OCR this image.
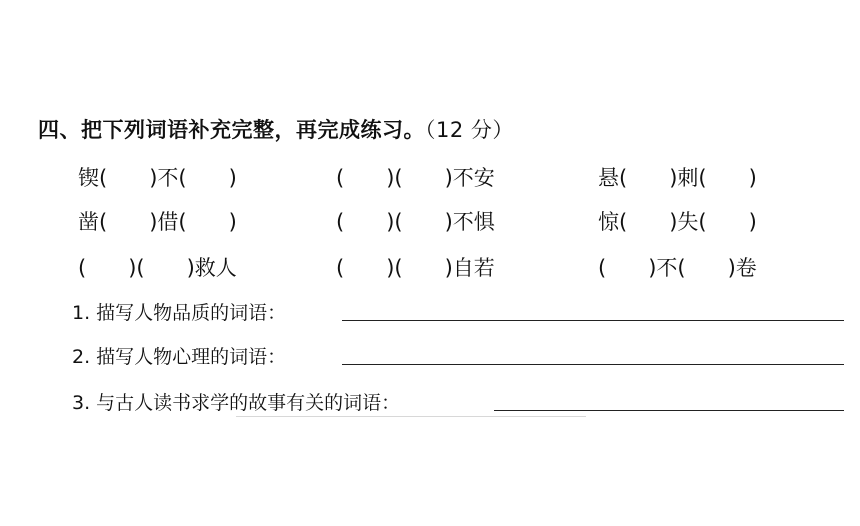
四、把下列词语补充完整，再完成练习。（12 分）
锲(　　)不(　　)	(　　)(　　)不安	悬(　　)刺(　　)
凿(　　)借(　　)	(　　)(　　)不惧	惊(　　)失(　　)
(　　)(　　)救人	(　　)(　　)自若	(　　)不(　　)卷
1. 描写人物品质的词语：
2. 描写人物心理的词语：
3. 与古人读书求学的故事有关的词语：
